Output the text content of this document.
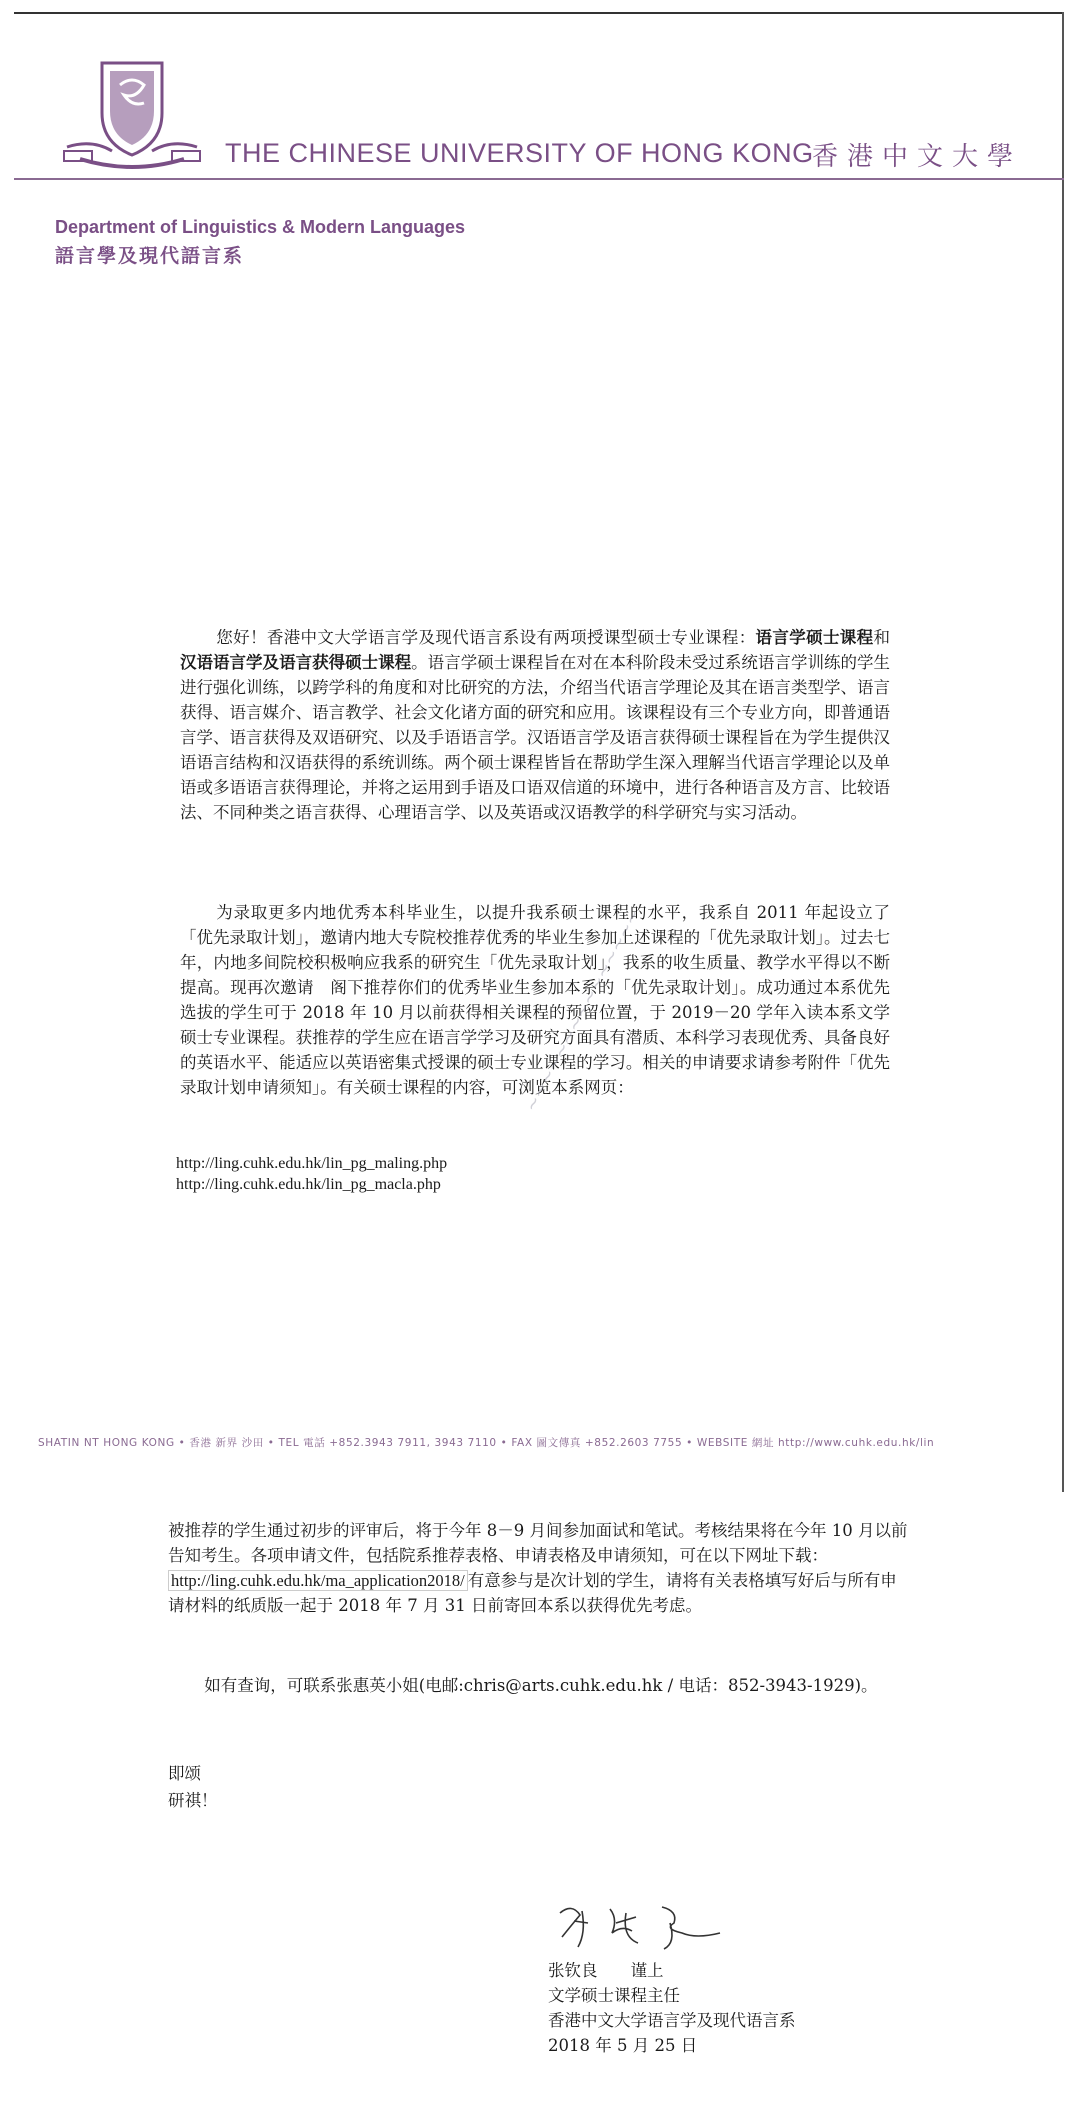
THE CHINESE UNIVERSITY OF HONG KONG
香港中文大學
Department of Linguistics & Modern Languages
語言學及現代語言系

您好！香港中文大学语言学及现代语言系设有两项授课型硕士专业课程：语言学硕士课程和汉语语言学及语言获得硕士课程。语言学硕士课程旨在对在本科阶段未受过系统语言学训练的学生进行强化训练，以跨学科的角度和对比研究的方法，介绍当代语言学理论及其在语言类型学、语言获得、语言媒介、语言教学、社会文化诸方面的研究和应用。该课程设有三个专业方向，即普通语言学、语言获得及双语研究、以及手语语言学。汉语语言学及语言获得硕士课程旨在为学生提供汉语语言结构和汉语获得的系统训练。两个硕士课程皆旨在帮助学生深入理解当代语言学理论以及单语或多语语言获得理论，并将之运用到手语及口语双信道的环境中，进行各种语言及方言、比较语法、不同种类之语言获得、心理语言学、以及英语或汉语教学的科学研究与实习活动。

为录取更多内地优秀本科毕业生，以提升我系硕士课程的水平，我系自 2011 年起设立了「优先录取计划」，邀请内地大专院校推荐优秀的毕业生参加上述课程的「优先录取计划」。过去七年，内地多间院校积极响应我系的研究生「优先录取计划」，我系的收生质量、教学水平得以不断提高。现再次邀请　阁下推荐你们的优秀毕业生参加本系的「优先录取计划」。成功通过本系优先选拔的学生可于 2018 年 10 月以前获得相关课程的预留位置，于 2019－20 学年入读本系文学硕士专业课程。获推荐的学生应在语言学学习及研究方面具有潜质、本科学习表现优秀、具备良好的英语水平、能适应以英语密集式授课的硕士专业课程的学习。相关的申请要求请参考附件「优先录取计划申请须知」。有关硕士课程的内容，可浏览本系网页：

http://ling.cuhk.edu.hk/lin_pg_maling.php
http://ling.cuhk.edu.hk/lin_pg_macla.php
~~~~~~~~~~~~~~~
SHATIN NT HONG KONG • 香港 新界 沙田 • TEL 電話 +852.3943 7911, 3943 7110 • FAX 圖文傳真 +852.2603 7755 • WEBSITE 網址 http://www.cuhk.edu.hk/lin

被推荐的学生通过初步的评审后，将于今年 8－9 月间参加面试和笔试。考核结果将在今年 10 月以前告知考生。各项申请文件，包括院系推荐表格、申请表格及申请须知，可在以下网址下载：http://ling.cuhk.edu.hk/ma_application2018/ 有意参与是次计划的学生，请将有关表格填写好后与所有申请材料的纸质版一起于 2018 年 7 月 31 日前寄回本系以获得优先考虑。

如有查询，可联系张惠英小姐(电邮:chris@arts.cuhk.edu.hk / 电话：852-3943-1929)。

即颂
研祺！
张钦良　　谨上
文学硕士课程主任
香港中文大学语言学及现代语言系
2018 年 5 月 25 日
